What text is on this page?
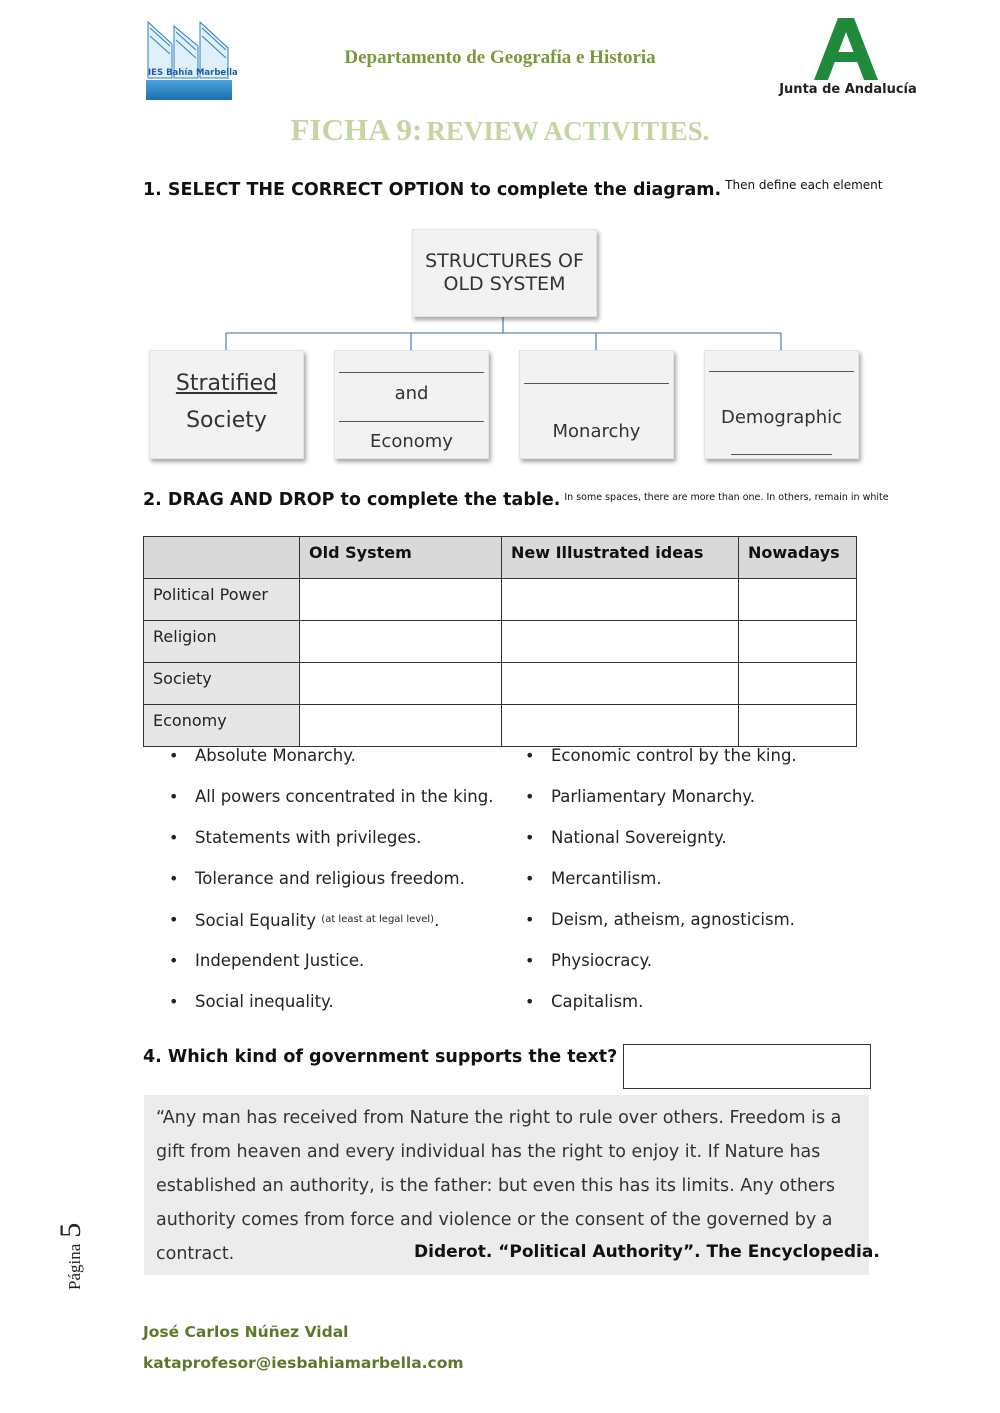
IES Bahía Marbella
Departamento de Geografía e Historia
Junta de Andalucía
FICHA 9: REVIEW ACTIVITIES.
1. SELECT THE CORRECT OPTION to complete the diagram. $^{Then define each element}$
STRUCTURES OF
OLD SYSTEM
Stratified
Society
and
Economy	Monarchy
Demographic
2. DRAG AND DROP to complete the table. $^{In some spaces, there are more than one. In others, remain in white}$
	Old System	New Illustrated ideas	Nowadays
Political Power			
Religion			
Society			
Economy			
• Absolute Monarchy.
• All powers concentrated in the king.
• Statements with privileges.
• Tolerance and religious freedom.
• Social Equality $^{(at least at legal level)}$.
• Independent Justice.
• Social inequality.
• Economic control by the king.
• Parliamentary Monarchy.
• National Sovereignty.
• Mercantilism.
• Deism, atheism, agnosticism.
• Physiocracy.
• Capitalism.
4. Which kind of government supports the text?

“Any man has received from Nature the right to rule over others. Freedom is a gift from heaven and every individual has the right to enjoy it. If Nature has established an authority, is the father: but even this has its limits. Any others authority comes from force and violence or the consent of the governed by a contract.	Diderot. “Political Authority”. The Encyclopedia.
Página5
José Carlos Núñez Vidal
kataprofesor@iesbahiamarbella.com
